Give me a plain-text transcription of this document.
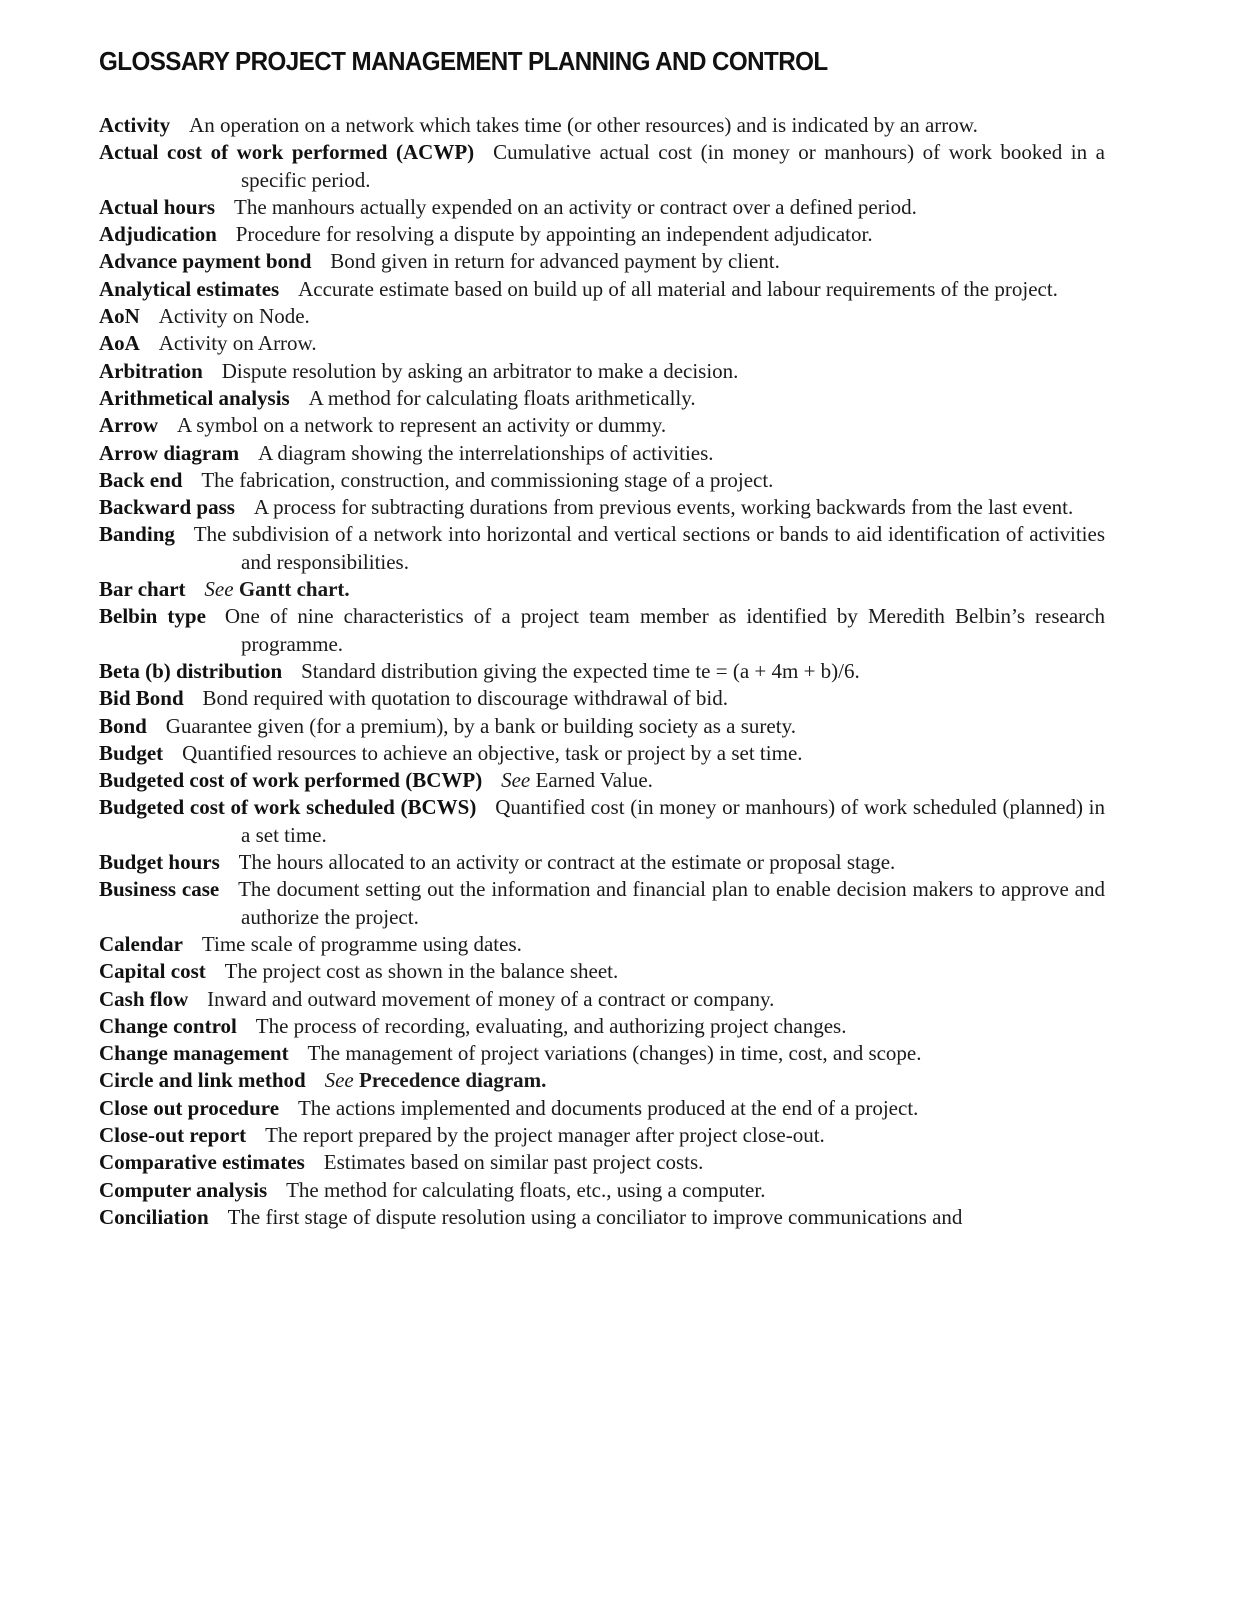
GLOSSARY PROJECT MANAGEMENT PLANNING AND CONTROL
Activity An operation on a network which takes time (or other resources) and is indicated by an arrow.
Actual cost of work performed (ACWP) Cumulative actual cost (in money or manhours) of work booked in a specific period.
Actual hours The manhours actually expended on an activity or contract over a defined period.
Adjudication Procedure for resolving a dispute by appointing an independent adjudicator.
Advance payment bond Bond given in return for advanced payment by client.
Analytical estimates Accurate estimate based on build up of all material and labour requirements of the project.
AoN Activity on Node.
AoA Activity on Arrow.
Arbitration Dispute resolution by asking an arbitrator to make a decision.
Arithmetical analysis A method for calculating floats arithmetically.
Arrow A symbol on a network to represent an activity or dummy.
Arrow diagram A diagram showing the interrelationships of activities.
Back end The fabrication, construction, and commissioning stage of a project.
Backward pass A process for subtracting durations from previous events, working backwards from the last event.
Banding The subdivision of a network into horizontal and vertical sections or bands to aid identification of activities and responsibilities.
Bar chart See Gantt chart.
Belbin type One of nine characteristics of a project team member as identified by Meredith Belbin’s research programme.
Beta (b) distribution Standard distribution giving the expected time te = (a + 4m + b)/6.
Bid Bond Bond required with quotation to discourage withdrawal of bid.
Bond Guarantee given (for a premium), by a bank or building society as a surety.
Budget Quantified resources to achieve an objective, task or project by a set time.
Budgeted cost of work performed (BCWP) See Earned Value.
Budgeted cost of work scheduled (BCWS) Quantified cost (in money or manhours) of work scheduled (planned) in a set time.
Budget hours The hours allocated to an activity or contract at the estimate or proposal stage.
Business case The document setting out the information and financial plan to enable decision makers to approve and authorize the project.
Calendar Time scale of programme using dates.
Capital cost The project cost as shown in the balance sheet.
Cash flow Inward and outward movement of money of a contract or company.
Change control The process of recording, evaluating, and authorizing project changes.
Change management The management of project variations (changes) in time, cost, and scope.
Circle and link method See Precedence diagram.
Close out procedure The actions implemented and documents produced at the end of a project.
Close-out report The report prepared by the project manager after project close-out.
Comparative estimates Estimates based on similar past project costs.
Computer analysis The method for calculating floats, etc., using a computer.
Conciliation The first stage of dispute resolution using a conciliator to improve communications and
